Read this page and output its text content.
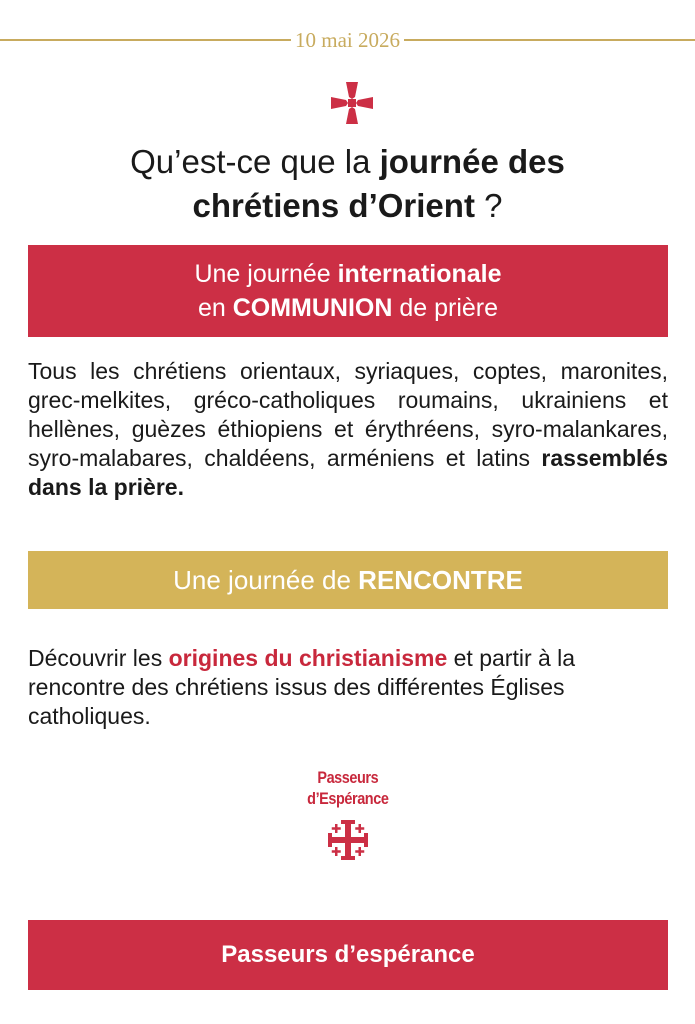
10 mai 2026
Qu’est-ce que la journée des
chrétiens d’Orient ?
Une journée internationale
en COMMUNION de prière
Tous les chrétiens orientaux, syriaques, coptes, maronites, grec-melkites, gréco-catholiques roumains, ukrainiens et hellènes, guèzes éthiopiens et érythréens, syro-malankares, syro-malabares, chaldéens, arméniens et latins rassemblés dans la prière.
Une journée de RENCONTRE
Découvrir les origines du christianisme et partir à la rencontre des chrétiens issus des différentes Églises catholiques.
Passeurs
d’Espérance
Passeurs d’espérance
